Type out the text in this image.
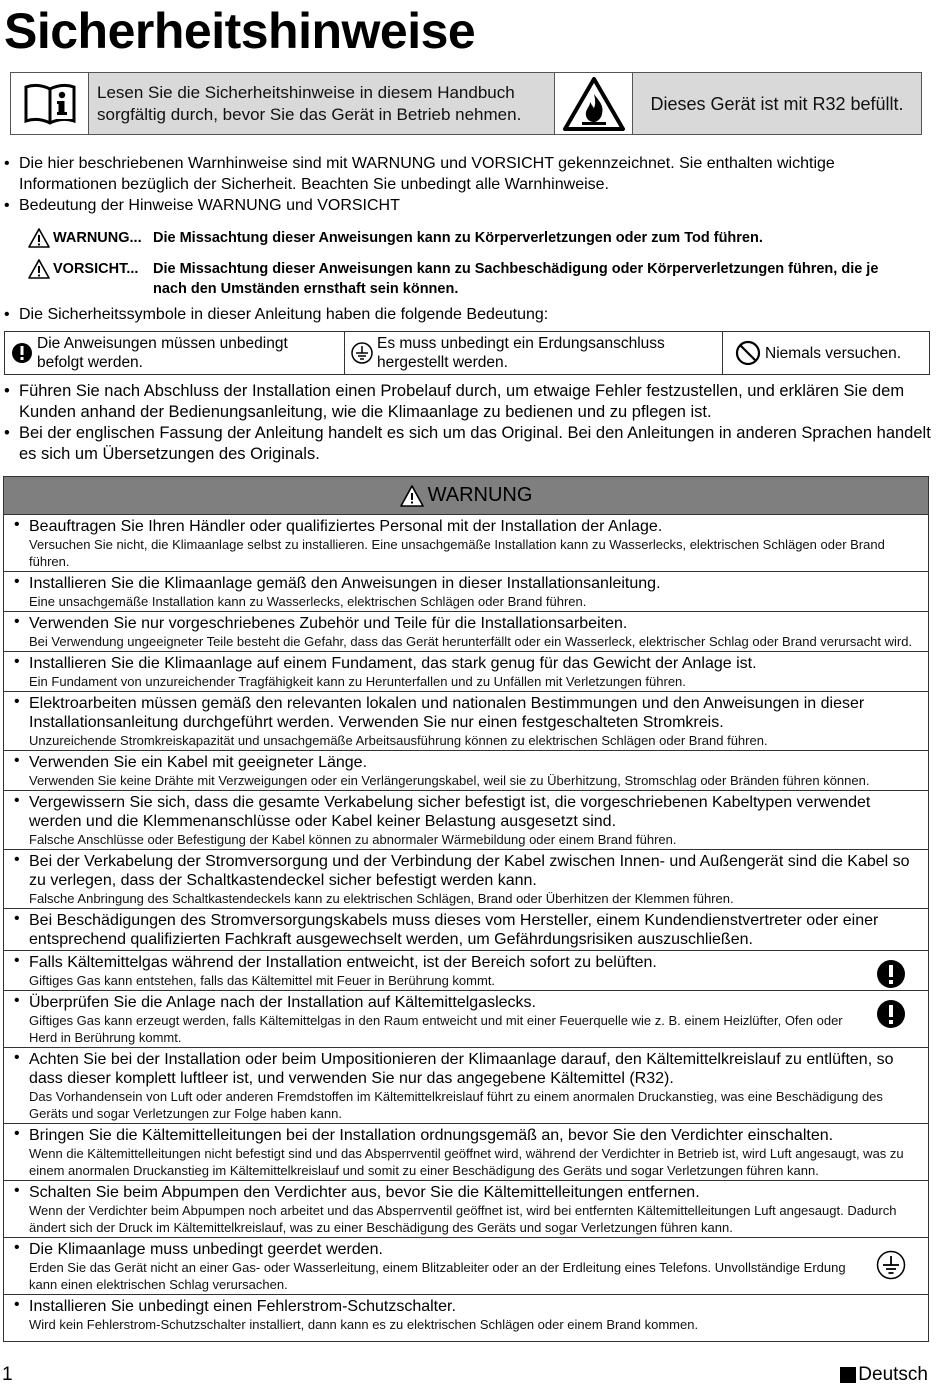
Sicherheitshinweise
Lesen Sie die Sicherheitshinweise in diesem Handbuch sorgfältig durch, bevor Sie das Gerät in Betrieb nehmen.
Dieses Gerät ist mit R32 befüllt.
• Die hier beschriebenen Warnhinweise sind mit WARNUNG und VORSICHT gekennzeichnet. Sie enthalten wichtige Informationen bezüglich der Sicherheit. Beachten Sie unbedingt alle Warnhinweise.
• Bedeutung der Hinweise WARNUNG und VORSICHT
WARNUNG... Die Missachtung dieser Anweisungen kann zu Körperverletzungen oder zum Tod führen.
VORSICHT...	Die Missachtung dieser Anweisungen kann zu Sachbeschädigung oder Körperverletzungen führen, die je nach den Umständen ernsthaft sein können.
• Die Sicherheitssymbole in dieser Anleitung haben die folgende Bedeutung:
Die Anweisungen müssen unbedingt befolgt werden.
Es muss unbedingt ein Erdungsanschluss hergestellt werden.
Niemals versuchen.
• Führen Sie nach Abschluss der Installation einen Probelauf durch, um etwaige Fehler festzustellen, und erklären Sie dem Kunden anhand der Bedienungsanleitung, wie die Klimaanlage zu bedienen und zu pflegen ist.
• Bei der englischen Fassung der Anleitung handelt es sich um das Original. Bei den Anleitungen in anderen Sprachen handelt es sich um Übersetzungen des Originals.
WARNUNG
• Beauftragen Sie Ihren Händler oder qualifiziertes Personal mit der Installation der Anlage.
Versuchen Sie nicht, die Klimaanlage selbst zu installieren. Eine unsachgemäße Installation kann zu Wasserlecks, elektrischen Schlägen oder Brand führen.
• Installieren Sie die Klimaanlage gemäß den Anweisungen in dieser Installationsanleitung.
Eine unsachgemäße Installation kann zu Wasserlecks, elektrischen Schlägen oder Brand führen.
• Verwenden Sie nur vorgeschriebenes Zubehör und Teile für die Installationsarbeiten.
Bei Verwendung ungeeigneter Teile besteht die Gefahr, dass das Gerät herunterfällt oder ein Wasserleck, elektrischer Schlag oder Brand verursacht wird.
• Installieren Sie die Klimaanlage auf einem Fundament, das stark genug für das Gewicht der Anlage ist.
Ein Fundament von unzureichender Tragfähigkeit kann zu Herunterfallen und zu Unfällen mit Verletzungen führen.
• Elektroarbeiten müssen gemäß den relevanten lokalen und nationalen Bestimmungen und den Anweisungen in dieser Installationsanleitung durchgeführt werden. Verwenden Sie nur einen festgeschalteten Stromkreis.
Unzureichende Stromkreiskapazität und unsachgemäße Arbeitsausführung können zu elektrischen Schlägen oder Brand führen.
• Verwenden Sie ein Kabel mit geeigneter Länge.
Verwenden Sie keine Drähte mit Verzweigungen oder ein Verlängerungskabel, weil sie zu Überhitzung, Stromschlag oder Bränden führen können.
• Vergewissern Sie sich, dass die gesamte Verkabelung sicher befestigt ist, die vorgeschriebenen Kabeltypen verwendet werden und die Klemmenanschlüsse oder Kabel keiner Belastung ausgesetzt sind.
Falsche Anschlüsse oder Befestigung der Kabel können zu abnormaler Wärmebildung oder einem Brand führen.
• Bei der Verkabelung der Stromversorgung und der Verbindung der Kabel zwischen Innen- und Außengerät sind die Kabel so zu verlegen, dass der Schaltkastendeckel sicher befestigt werden kann.
Falsche Anbringung des Schaltkastendeckels kann zu elektrischen Schlägen, Brand oder Überhitzen der Klemmen führen.
• Bei Beschädigungen des Stromversorgungskabels muss dieses vom Hersteller, einem Kundendienstvertreter oder einer entsprechend qualifizierten Fachkraft ausgewechselt werden, um Gefährdungsrisiken auszuschließen.
• Falls Kältemittelgas während der Installation entweicht, ist der Bereich sofort zu belüften.
Giftiges Gas kann entstehen, falls das Kältemittel mit Feuer in Berührung kommt.
• Überprüfen Sie die Anlage nach der Installation auf Kältemittelgaslecks.
Giftiges Gas kann erzeugt werden, falls Kältemittelgas in den Raum entweicht und mit einer Feuerquelle wie z. B. einem Heizlüfter, Ofen oder Herd in Berührung kommt.
• Achten Sie bei der Installation oder beim Umpositionieren der Klimaanlage darauf, den Kältemittelkreislauf zu entlüften, so dass dieser komplett luftleer ist, und verwenden Sie nur das angegebene Kältemittel (R32).
Das Vorhandensein von Luft oder anderen Fremdstoffen im Kältemittelkreislauf führt zu einem anormalen Druckanstieg, was eine Beschädigung des Geräts und sogar Verletzungen zur Folge haben kann.
• Bringen Sie die Kältemittelleitungen bei der Installation ordnungsgemäß an, bevor Sie den Verdichter einschalten.
Wenn die Kältemittelleitungen nicht befestigt sind und das Absperrventil geöffnet wird, während der Verdichter in Betrieb ist, wird Luft angesaugt, was zu einem anormalen Druckanstieg im Kältemittelkreislauf und somit zu einer Beschädigung des Geräts und sogar Verletzungen führen kann.
• Schalten Sie beim Abpumpen den Verdichter aus, bevor Sie die Kältemittelleitungen entfernen.
Wenn der Verdichter beim Abpumpen noch arbeitet und das Absperrventil geöffnet ist, wird bei entfernten Kältemittelleitungen Luft angesaugt. Dadurch ändert sich der Druck im Kältemittelkreislauf, was zu einer Beschädigung des Geräts und sogar Verletzungen führen kann.
• Die Klimaanlage muss unbedingt geerdet werden.
Erden Sie das Gerät nicht an einer Gas- oder Wasserleitung, einem Blitzableiter oder an der Erdleitung eines Telefons. Unvollständige Erdung kann einen elektrischen Schlag verursachen.
• Installieren Sie unbedingt einen Fehlerstrom-Schutzschalter.
Wird kein Fehlerstrom-Schutzschalter installiert, dann kann es zu elektrischen Schlägen oder einem Brand kommen.
1	Deutsch
